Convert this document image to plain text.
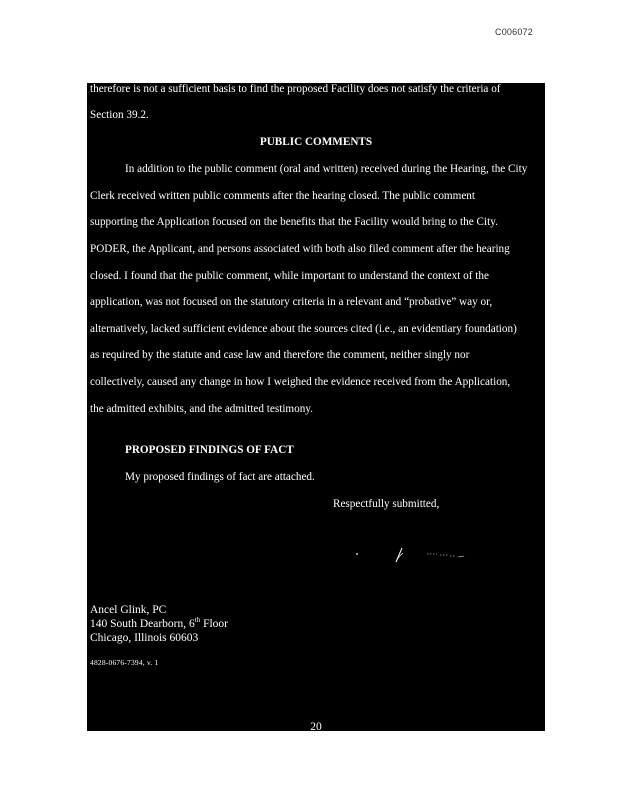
C006072
therefore is not a sufficient basis to find the proposed Facility does not satisfy the criteria of
Section 39.2.
PUBLIC COMMENTS
In addition to the public comment (oral and written) received during the Hearing, the City
Clerk received written public comments after the hearing closed. The public comment
supporting the Application focused on the benefits that the Facility would bring to the City.
PODER, the Applicant, and persons associated with both also filed comment after the hearing
closed. I found that the public comment, while important to understand the context of the
application, was not focused on the statutory criteria in a relevant and “probative” way or,
alternatively, lacked sufficient evidence about the sources cited (i.e., an evidentiary foundation)
as required by the statute and case law and therefore the comment, neither singly nor
collectively, caused any change in how I weighed the evidence received from the Application,
the admitted exhibits, and the admitted testimony.
PROPOSED FINDINGS OF FACT
My proposed findings of fact are attached.
Respectfully submitted,
Ancel Glink, PC
140 South Dearborn, 6th Floor
Chicago, Illinois 60603
4828-0676-7394, v. 1
20
